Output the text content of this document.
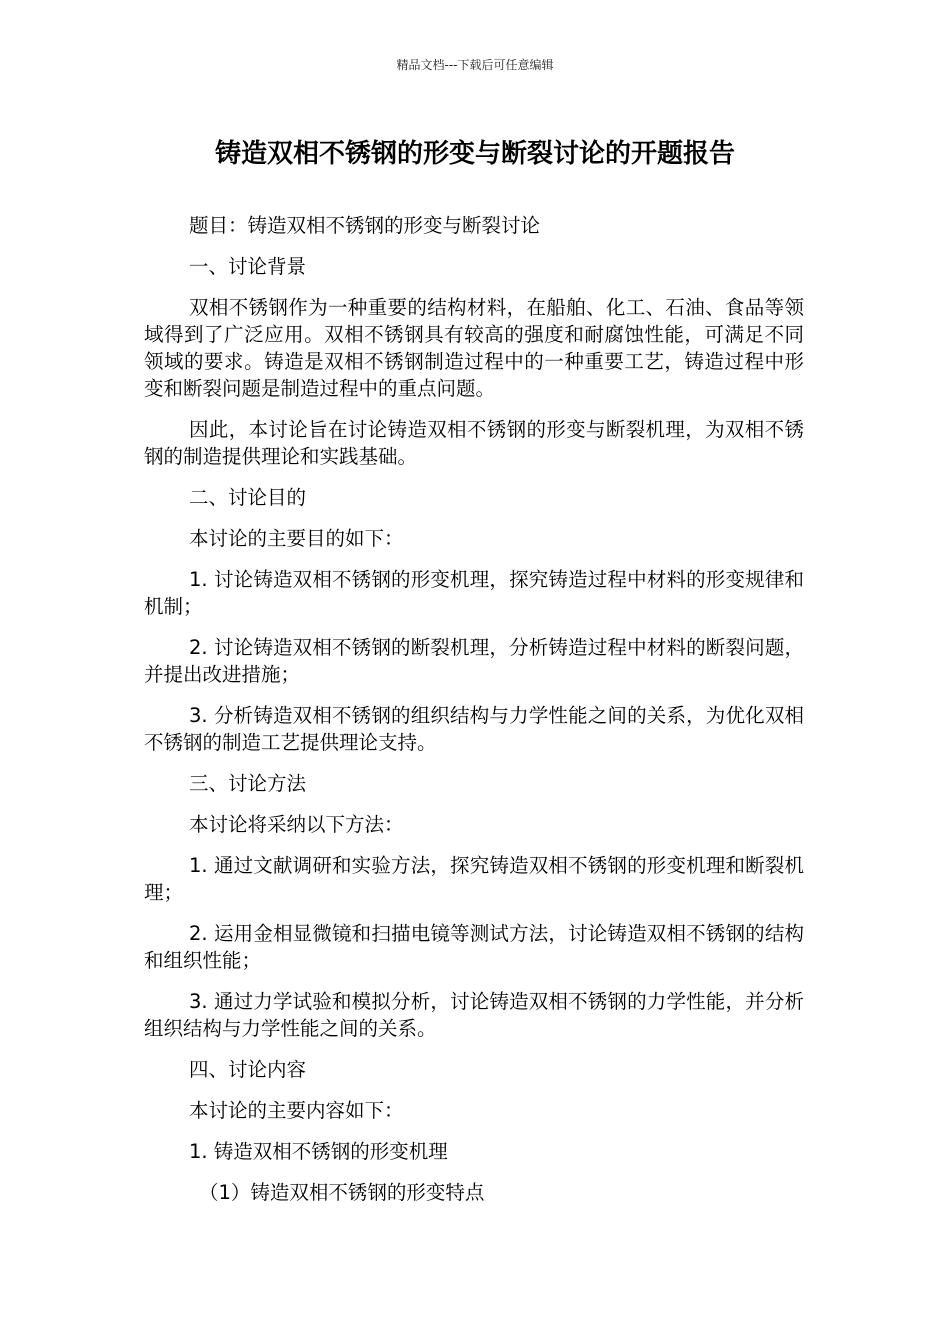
精品文档---下载后可任意编辑
铸造双相不锈钢的形变与断裂讨论的开题报告

题目：铸造双相不锈钢的形变与断裂讨论

一、讨论背景

双相不锈钢作为一种重要的结构材料，在船舶、化工、石油、食品等领域得到了广泛应用。双相不锈钢具有较高的强度和耐腐蚀性能，可满足不同领域的要求。铸造是双相不锈钢制造过程中的一种重要工艺，铸造过程中形变和断裂问题是制造过程中的重点问题。

因此，本讨论旨在讨论铸造双相不锈钢的形变与断裂机理，为双相不锈钢的制造提供理论和实践基础。

二、讨论目的

本讨论的主要目的如下：

1. 讨论铸造双相不锈钢的形变机理，探究铸造过程中材料的形变规律和机制；

2. 讨论铸造双相不锈钢的断裂机理，分析铸造过程中材料的断裂问题，并提出改进措施；

3. 分析铸造双相不锈钢的组织结构与力学性能之间的关系，为优化双相不锈钢的制造工艺提供理论支持。

三、讨论方法

本讨论将采纳以下方法：

1. 通过文献调研和实验方法，探究铸造双相不锈钢的形变机理和断裂机理；

2. 运用金相显微镜和扫描电镜等测试方法，讨论铸造双相不锈钢的结构和组织性能；

3. 通过力学试验和模拟分析，讨论铸造双相不锈钢的力学性能，并分析组织结构与力学性能之间的关系。

四、讨论内容

本讨论的主要内容如下：

1. 铸造双相不锈钢的形变机理

（1）铸造双相不锈钢的形变特点
